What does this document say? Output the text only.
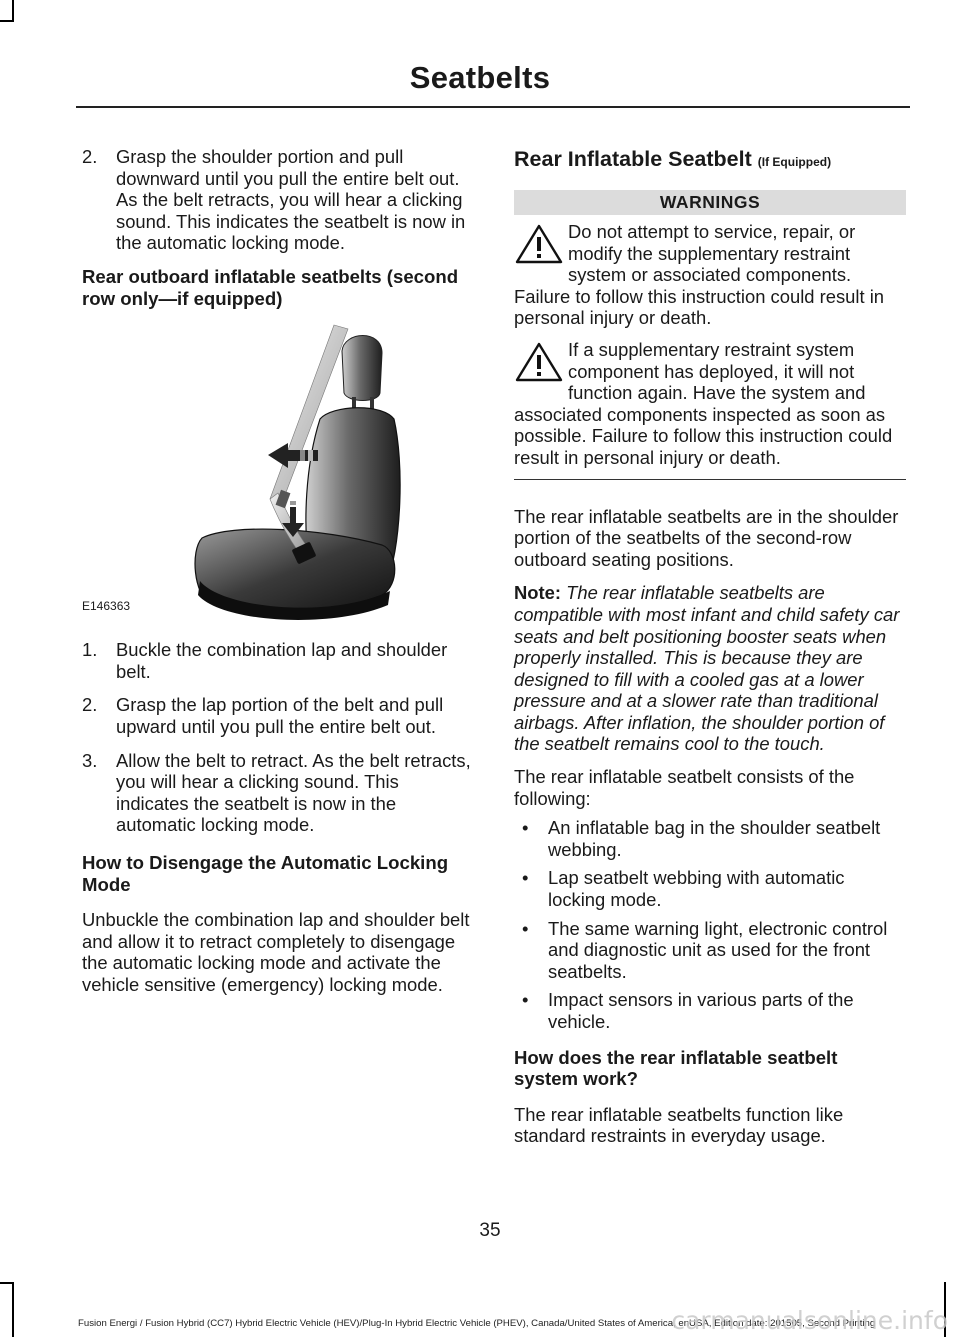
Seatbelts
2. Grasp the shoulder portion and pull downward until you pull the entire belt out. As the belt retracts, you will hear a clicking sound. This indicates the seatbelt is now in the automatic locking mode.
Rear outboard inflatable seatbelts (second row only—if equipped)
E146363
1. Buckle the combination lap and shoulder belt.
2. Grasp the lap portion of the belt and pull upward until you pull the entire belt out.
3. Allow the belt to retract. As the belt retracts, you will hear a clicking sound. This indicates the seatbelt is now in the automatic locking mode.
How to Disengage the Automatic Locking Mode
Unbuckle the combination lap and shoulder belt and allow it to retract completely to disengage the automatic locking mode and activate the vehicle sensitive (emergency) locking mode.
Rear Inflatable Seatbelt (If Equipped)
WARNINGS
Do not attempt to service, repair, or modify the supplementary restraint system or associated components. Failure to follow this instruction could result in personal injury or death.
If a supplementary restraint system component has deployed, it will not function again. Have the system and associated components inspected as soon as possible. Failure to follow this instruction could result in personal injury or death.
The rear inflatable seatbelts are in the shoulder portion of the seatbelts of the second-row outboard seating positions.
Note: The rear inflatable seatbelts are compatible with most infant and child safety car seats and belt positioning booster seats when properly installed. This is because they are designed to fill with a cooled gas at a lower pressure and at a slower rate than traditional airbags. After inflation, the shoulder portion of the seatbelt remains cool to the touch.
The rear inflatable seatbelt consists of the following:
• An inflatable bag in the shoulder seatbelt webbing.
• Lap seatbelt webbing with automatic locking mode.
• The same warning light, electronic control and diagnostic unit as used for the front seatbelts.
• Impact sensors in various parts of the vehicle.
How does the rear inflatable seatbelt system work?
The rear inflatable seatbelts function like standard restraints in everyday usage.
35
Fusion Energi / Fusion Hybrid (CC7) Hybrid Electric Vehicle (HEV)/Plug-In Hybrid Electric Vehicle (PHEV), Canada/United States of America, enUSA, Edition date: 201505, Second Printing
carmanualsonline.info
